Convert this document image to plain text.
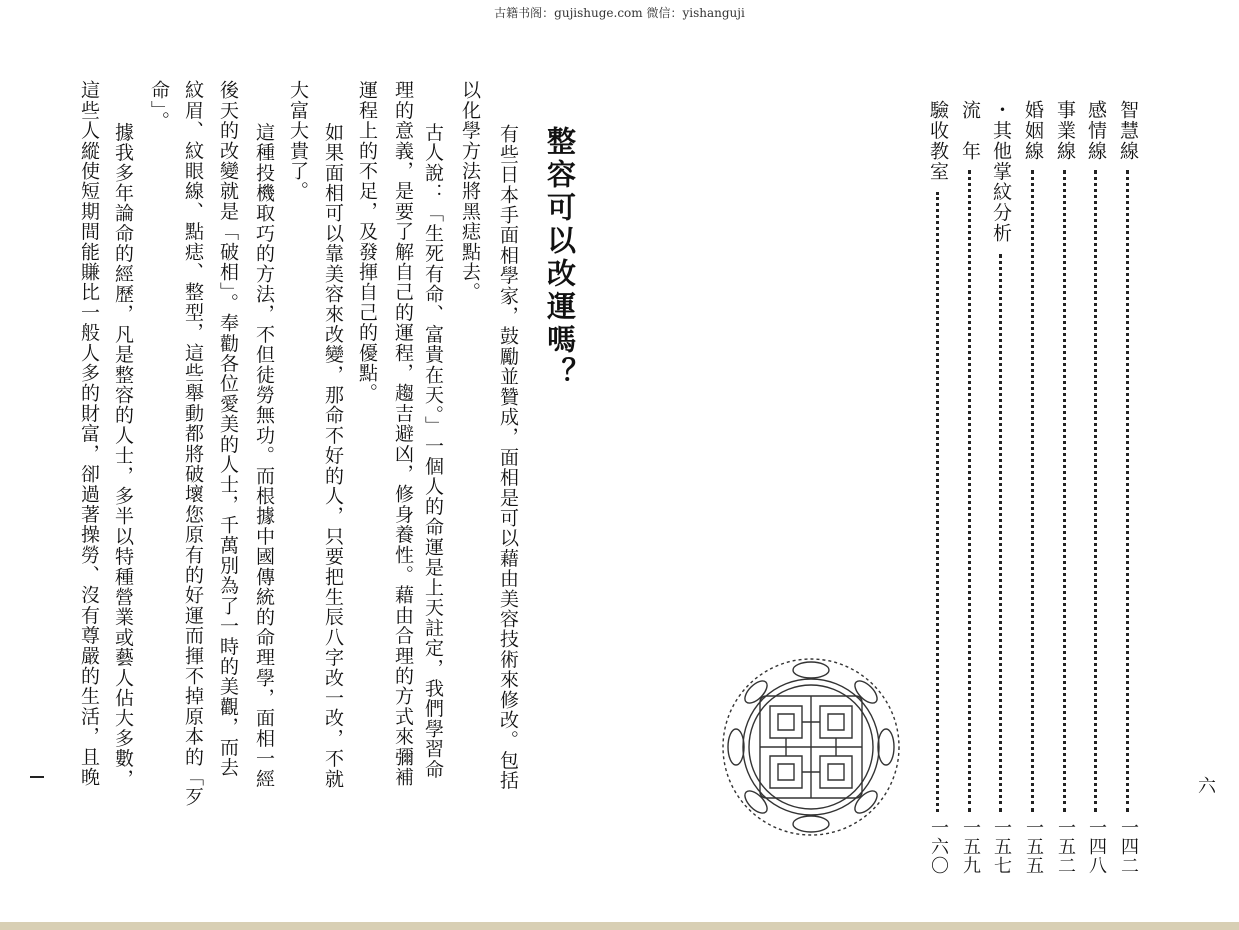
古籍书阁：gujishuge.com 微信：yishanguji
整容可以改運嗎？
有些日本手面相學家，鼓勵並贊成，面相是可以藉由美容技術來修改。包括
以化學方法將黑痣點去。
　古人說：「生死有命、富貴在天。」一個人的命運是上天註定，我們學習命
理的意義，是要了解自己的運程，趨吉避凶，修身養性。藉由合理的方式來彌補
運程上的不足，及發揮自己的優點。
　如果面相可以靠美容來改變，那命不好的人，只要把生辰八字改一改，不就
大富大貴了。
　這種投機取巧的方法，不但徒勞無功。而根據中國傳統的命理學，面相一經
後天的改變就是「破相」。奉勸各位愛美的人士，千萬別為了一時的美觀，而去
紋眉、紋眼線、點痣、整型，這些舉動都將破壞您原有的好運而揮不掉原本的「歹
命」。
　據我多年論命的經歷，凡是整容的人士，多半以特種營業或藝人佔大多數，
這些人縱使短期間能賺比一般人多的財富，卻過著操勞、沒有尊嚴的生活，且晚	六
智慧線
一四二
感情線
一四八
事業線
一五二
婚姻線
一五五
・其他掌紋分析
一五七
流　年
一五九
驗收教室
一六〇
